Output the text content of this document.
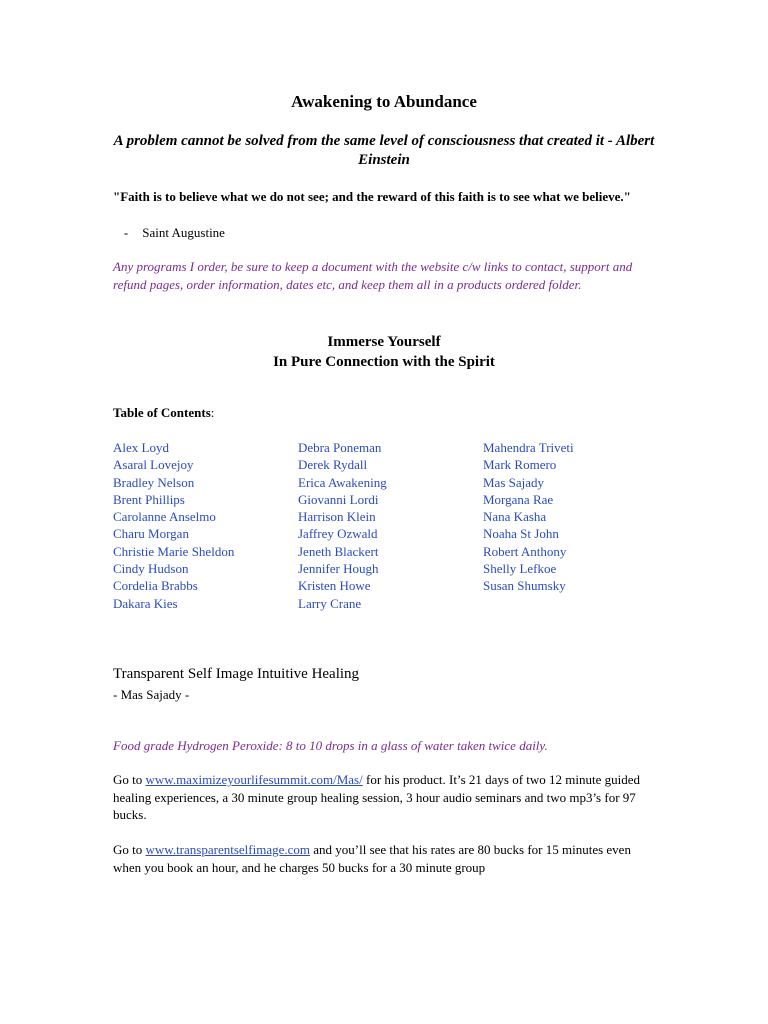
Awakening to Abundance
A problem cannot be solved from the same level of consciousness that created it - Albert Einstein
"Faith is to believe what we do not see; and the reward of this faith is to see what we believe."
- Saint Augustine
Any programs I order, be sure to keep a document with the website c/w links to contact, support and refund pages, order information, dates etc, and keep them all in a products ordered folder.
Immerse Yourself
In Pure Connection with the Spirit
Table of Contents:
Alex Loyd
Asaral Lovejoy
Bradley Nelson
Brent Phillips
Carolanne Anselmo
Charu Morgan
Christie Marie Sheldon
Cindy Hudson
Cordelia Brabbs
Dakara Kies
Debra Poneman
Derek Rydall
Erica Awakening
Giovanni Lordi
Harrison Klein
Jaffrey Ozwald
Jeneth Blackert
Jennifer Hough
Kristen Howe
Larry Crane
Mahendra Triveti
Mark Romero
Mas Sajady
Morgana Rae
Nana Kasha
Noaha St John
Robert Anthony
Shelly Lefkoe
Susan Shumsky
Transparent Self Image Intuitive Healing
- Mas Sajady -
Food grade Hydrogen Peroxide: 8 to 10 drops in a glass of water taken twice daily.
Go to www.maximizeyourlifesummit.com/Mas/ for his product. It’s 21 days of two 12 minute guided healing experiences, a 30 minute group healing session, 3 hour audio seminars and two mp3’s for 97 bucks.
Go to www.transparentselfimage.com and you’ll see that his rates are 80 bucks for 15 minutes even when you book an hour, and he charges 50 bucks for a 30 minute group
